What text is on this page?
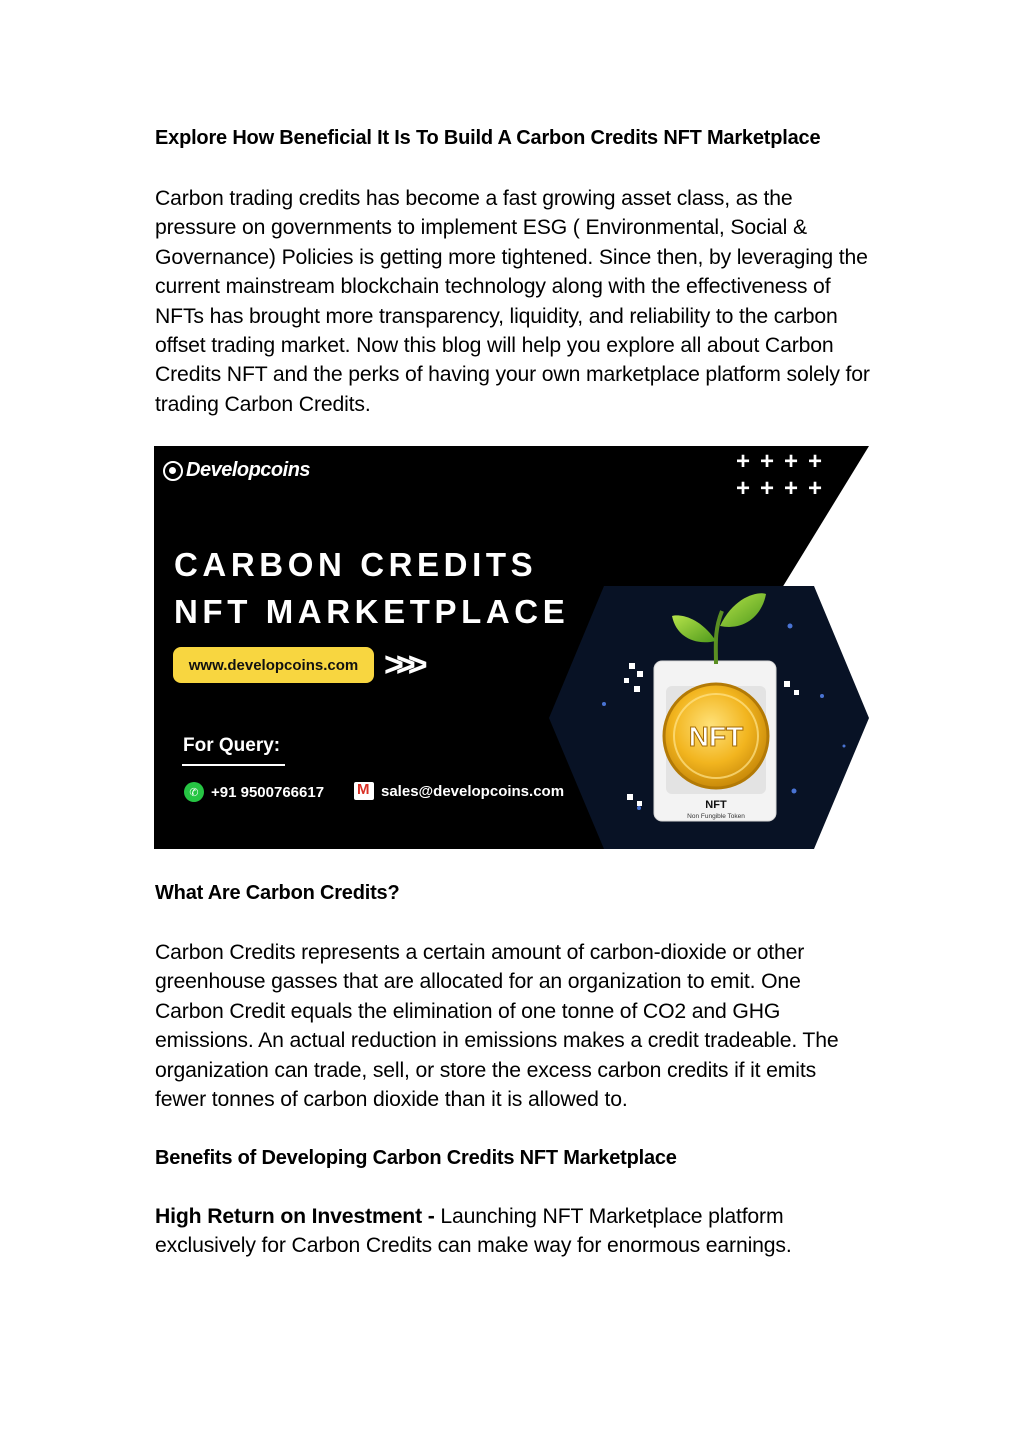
Explore How Beneficial It Is To Build A Carbon Credits NFT Marketplace

Carbon trading credits has become a fast growing asset class, as the pressure on governments to implement ESG ( Environmental, Social & Governance) Policies is getting more tightened. Since then, by leveraging the current mainstream blockchain technology along with the effectiveness of NFTs has brought more transparency, liquidity, and reliability to the carbon offset trading market. Now this blog will help you explore all about Carbon Credits NFT and the perks of having your own marketplace platform solely for trading Carbon Credits.

Developcoins	++++
++++
CARBON CREDITS
NFT MARKETPLACE
www.developcoins.com >>>
For Query:
✆ +91 9500766617
M	sales@developcoins.com
NFT
NFT
Non Fungible Token
What Are Carbon Credits?

Carbon Credits represents a certain amount of carbon-dioxide or other greenhouse gasses that are allocated for an organization to emit. One Carbon Credit equals the elimination of one tonne of CO2 and GHG emissions. An actual reduction in emissions makes a credit tradeable. The organization can trade, sell, or store the excess carbon credits if it emits fewer tonnes of carbon dioxide than it is allowed to.

Benefits of Developing Carbon Credits NFT Marketplace

High Return on Investment - Launching NFT Marketplace platform exclusively for Carbon Credits can make way for enormous earnings.
